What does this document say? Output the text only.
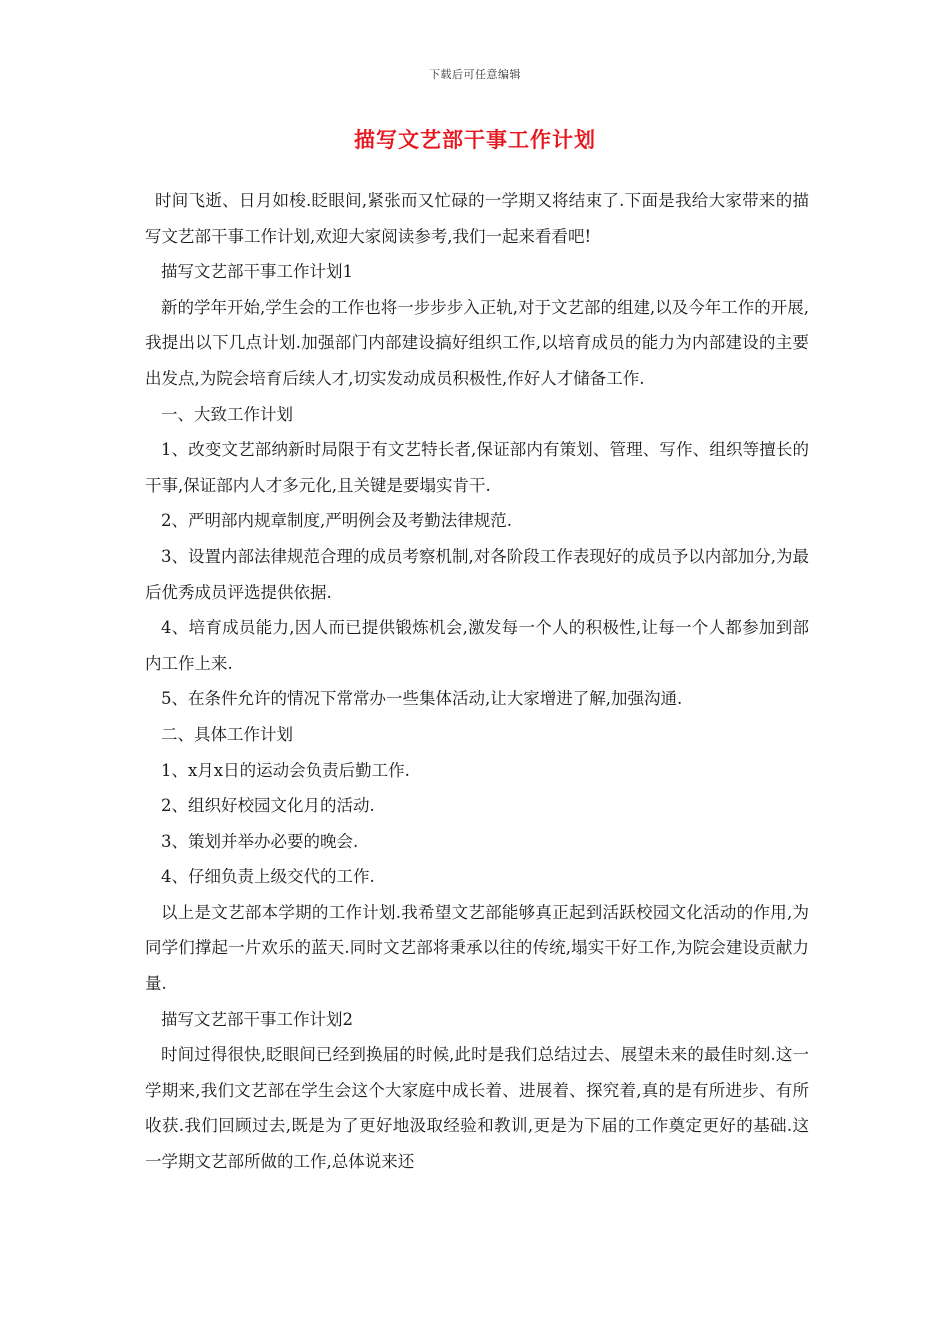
下载后可任意编辑
描写文艺部干事工作计划

时间飞逝、日月如梭.眨眼间,紧张而又忙碌的一学期又将结束了.下面是我给大家带来的描写文艺部干事工作计划,欢迎大家阅读参考,我们一起来看看吧!

描写文艺部干事工作计划1

新的学年开始,学生会的工作也将一步步步入正轨,对于文艺部的组建,以及今年工作的开展,我提出以下几点计划.加强部门内部建设搞好组织工作,以培育成员的能力为内部建设的主要出发点,为院会培育后续人才,切实发动成员积极性,作好人才储备工作.

一、大致工作计划

1、改变文艺部纳新时局限于有文艺特长者,保证部内有策划、管理、写作、组织等擅长的干事,保证部内人才多元化,且关键是要塌实肯干.

2、严明部内规章制度,严明例会及考勤法律规范.

3、设置内部法律规范合理的成员考察机制,对各阶段工作表现好的成员予以内部加分,为最后优秀成员评选提供依据.

4、培育成员能力,因人而已提供锻炼机会,激发每一个人的积极性,让每一个人都参加到部内工作上来.

5、在条件允许的情况下常常办一些集体活动,让大家增进了解,加强沟通.

二、具体工作计划

1、x月x日的运动会负责后勤工作.

2、组织好校园文化月的活动.

3、策划并举办必要的晚会.

4、仔细负责上级交代的工作.

以上是文艺部本学期的工作计划.我希望文艺部能够真正起到活跃校园文化活动的作用,为同学们撑起一片欢乐的蓝天.同时文艺部将秉承以往的传统,塌实干好工作,为院会建设贡献力量.

描写文艺部干事工作计划2

时间过得很快,眨眼间已经到换届的时候,此时是我们总结过去、展望未来的最佳时刻.这一学期来,我们文艺部在学生会这个大家庭中成长着、进展着、探究着,真的是有所进步、有所收获.我们回顾过去,既是为了更好地汲取经验和教训,更是为下届的工作奠定更好的基础.这一学期文艺部所做的工作,总体说来还
